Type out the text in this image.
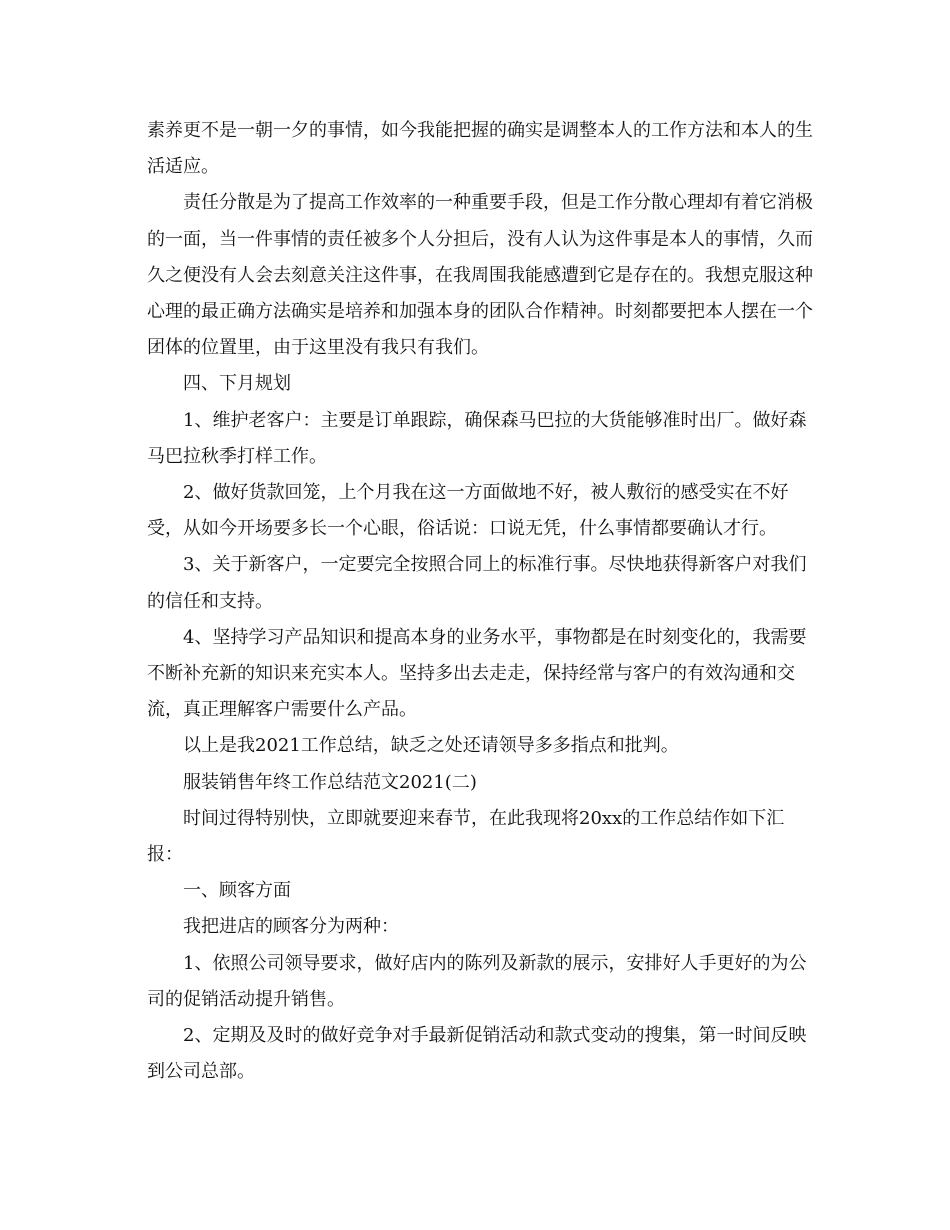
素养更不是一朝一夕的事情，如今我能把握的确实是调整本人的工作方法和本人的生活适应。

责任分散是为了提高工作效率的一种重要手段，但是工作分散心理却有着它消极的一面，当一件事情的责任被多个人分担后，没有人认为这件事是本人的事情，久而久之便没有人会去刻意关注这件事，在我周围我能感遭到它是存在的。我想克服这种心理的最正确方法确实是培养和加强本身的团队合作精神。时刻都要把本人摆在一个团体的位置里，由于这里没有我只有我们。

四、下月规划

1、维护老客户：主要是订单跟踪，确保森马巴拉的大货能够准时出厂。做好森马巴拉秋季打样工作。

2、做好货款回笼，上个月我在这一方面做地不好，被人敷衍的感受实在不好受，从如今开场要多长一个心眼，俗话说：口说无凭，什么事情都要确认才行。

3、关于新客户，一定要完全按照合同上的标准行事。尽快地获得新客户对我们的信任和支持。

4、坚持学习产品知识和提高本身的业务水平，事物都是在时刻变化的，我需要不断补充新的知识来充实本人。坚持多出去走走，保持经常与客户的有效沟通和交流，真正理解客户需要什么产品。

以上是我2021工作总结，缺乏之处还请领导多多指点和批判。

服装销售年终工作总结范文2021(二)

时间过得特别快，立即就要迎来春节，在此我现将20xx的工作总结作如下汇报：

一、顾客方面

我把进店的顾客分为两种：

1、依照公司领导要求，做好店内的陈列及新款的展示，安排好人手更好的为公司的促销活动提升销售。

2、定期及及时的做好竞争对手最新促销活动和款式变动的搜集，第一时间反映到公司总部。
